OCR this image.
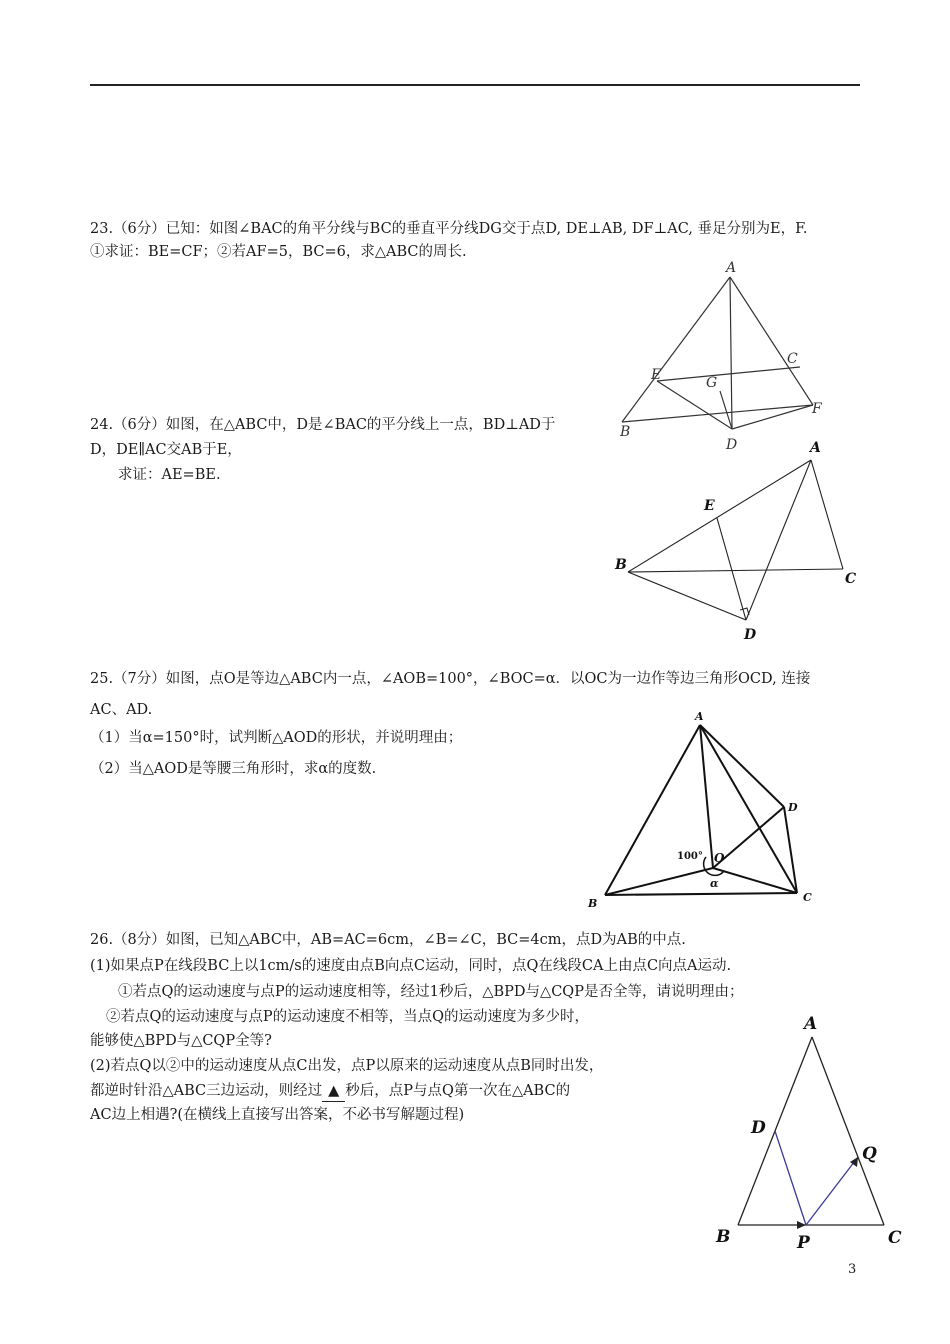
23.（6分）已知：如图∠BAC的角平分线与BC的垂直平分线DG交于点D, DE⊥AB, DF⊥AC, 垂足分别为E，F.
①求证：BE=CF；②若AF=5，BC=6，求△ABC的周长.
A
B
C
D
E
F
G
24.（6分）如图，在△ABC中，D是∠BAC的平分线上一点，BD⊥AD于
D，DE∥AC交AB于E，
求证：AE=BE.
A
B
C
D
E
25.（7分）如图，点O是等边△ABC内一点，∠AOB=100°，∠BOC=α．以OC为一边作等边三角形OCD, 连接
AC、AD.
（1）当α=150°时，试判断△AOD的形状，并说明理由；
（2）当△AOD是等腰三角形时，求α的度数.
A
B	C
D
O
100°
α
26.（8分）如图，已知△ABC中，AB=AC=6cm，∠B=∠C，BC=4cm，点D为AB的中点.
(1)如果点P在线段BC上以1cm/s的速度由点B向点C运动，同时，点Q在线段CA上由点C向点A运动.
①若点Q的运动速度与点P的运动速度相等，经过1秒后，△BPD与△CQP是否全等，请说明理由；
②若点Q的运动速度与点P的运动速度不相等，当点Q的运动速度为多少时，
能够使△BPD与△CQP全等?
(2)若点Q以②中的运动速度从点C出发，点P以原来的运动速度从点B同时出发，
都逆时针沿△ABC三边运动，则经过 ▲ 秒后，点P与点Q第一次在△ABC的
AC边上相遇?(在横线上直接写出答案，不必书写解题过程)
A
B	C
D
P
Q
3
